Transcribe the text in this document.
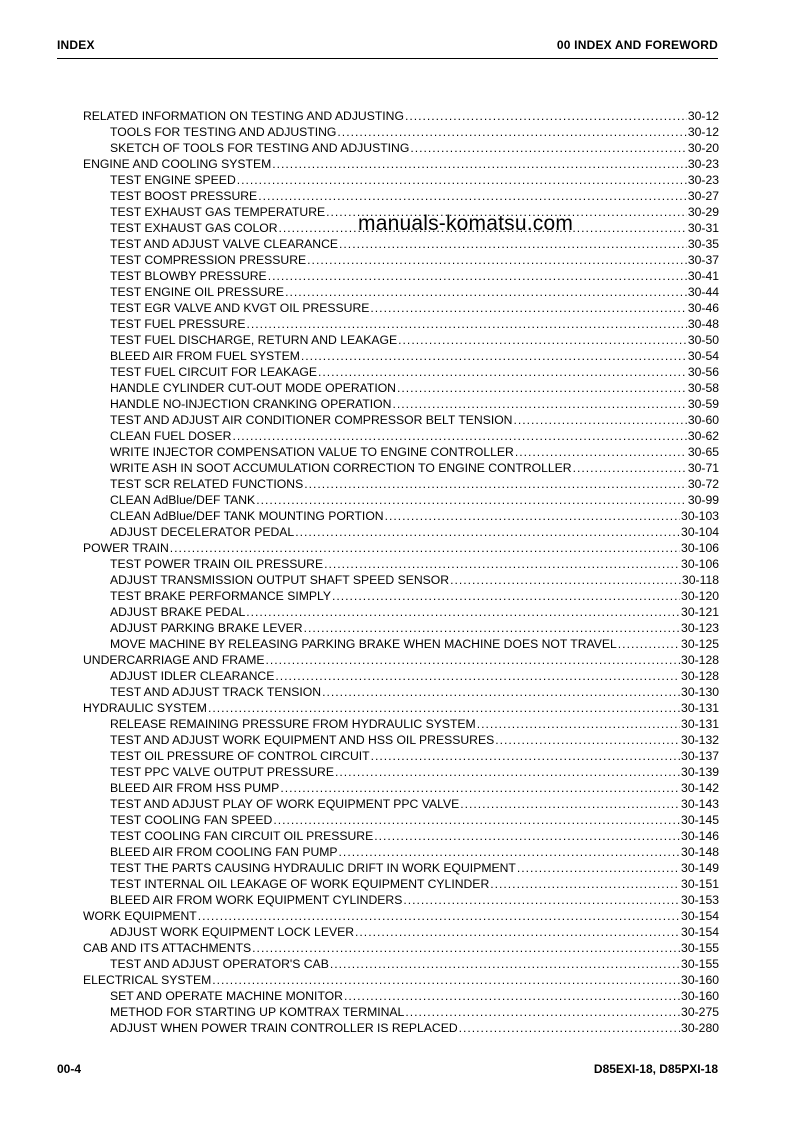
INDEX	00 INDEX AND FOREWORD
RELATED INFORMATION ON TESTING AND ADJUSTING .....	30-12
TOOLS FOR TESTING AND ADJUSTING .....	30-12
SKETCH OF TOOLS FOR TESTING AND ADJUSTING .....	30-20
ENGINE AND COOLING SYSTEM .....	30-23
TEST ENGINE SPEED .....	30-23
TEST BOOST PRESSURE .....	30-27
TEST EXHAUST GAS TEMPERATURE .....	30-29
TEST EXHAUST GAS COLOR .....	30-31
TEST AND ADJUST VALVE CLEARANCE .....	30-35
TEST COMPRESSION PRESSURE .....	30-37
TEST BLOWBY PRESSURE .....	30-41
TEST ENGINE OIL PRESSURE .....	30-44
TEST EGR VALVE AND KVGT OIL PRESSURE .....	30-46
TEST FUEL PRESSURE .....	30-48
TEST FUEL DISCHARGE, RETURN AND LEAKAGE .....	30-50
BLEED AIR FROM FUEL SYSTEM .....	30-54
TEST FUEL CIRCUIT FOR LEAKAGE .....	30-56
HANDLE CYLINDER CUT-OUT MODE OPERATION .....	30-58
HANDLE NO-INJECTION CRANKING OPERATION .....	30-59
TEST AND ADJUST AIR CONDITIONER COMPRESSOR BELT TENSION .....	30-60
CLEAN FUEL DOSER .....	30-62
WRITE INJECTOR COMPENSATION VALUE TO ENGINE CONTROLLER .....	30-65
WRITE ASH IN SOOT ACCUMULATION CORRECTION TO ENGINE CONTROLLER .....	30-71
TEST SCR RELATED FUNCTIONS .....	30-72
CLEAN AdBlue/DEF TANK .....	30-99
CLEAN AdBlue/DEF TANK MOUNTING PORTION .....	30-103
ADJUST DECELERATOR PEDAL .....	30-104
POWER TRAIN .....	30-106
TEST POWER TRAIN OIL PRESSURE .....	30-106
ADJUST TRANSMISSION OUTPUT SHAFT SPEED SENSOR .....	30-118
TEST BRAKE PERFORMANCE SIMPLY .....	30-120
ADJUST BRAKE PEDAL .....	30-121
ADJUST PARKING BRAKE LEVER .....	30-123
MOVE MACHINE BY RELEASING PARKING BRAKE WHEN MACHINE DOES NOT TRAVEL .....	30-125
UNDERCARRIAGE AND FRAME .....	30-128
ADJUST IDLER CLEARANCE .....	30-128
TEST AND ADJUST TRACK TENSION .....	30-130
HYDRAULIC SYSTEM .....	30-131
RELEASE REMAINING PRESSURE FROM HYDRAULIC SYSTEM .....	30-131
TEST AND ADJUST WORK EQUIPMENT AND HSS OIL PRESSURES .....	30-132
TEST OIL PRESSURE OF CONTROL CIRCUIT .....	30-137
TEST PPC VALVE OUTPUT PRESSURE .....	30-139
BLEED AIR FROM HSS PUMP .....	30-142
TEST AND ADJUST PLAY OF WORK EQUIPMENT PPC VALVE .....	30-143
TEST COOLING FAN SPEED .....	30-145
TEST COOLING FAN CIRCUIT OIL PRESSURE .....	30-146
BLEED AIR FROM COOLING FAN PUMP .....	30-148
TEST THE PARTS CAUSING HYDRAULIC DRIFT IN WORK EQUIPMENT .....	30-149
TEST INTERNAL OIL LEAKAGE OF WORK EQUIPMENT CYLINDER .....	30-151
BLEED AIR FROM WORK EQUIPMENT CYLINDERS .....	30-153
WORK EQUIPMENT .....	30-154
ADJUST WORK EQUIPMENT LOCK LEVER .....	30-154
CAB AND ITS ATTACHMENTS .....	30-155
TEST AND ADJUST OPERATOR'S CAB .....	30-155
ELECTRICAL SYSTEM .....	30-160
SET AND OPERATE MACHINE MONITOR .....	30-160
METHOD FOR STARTING UP KOMTRAX TERMINAL .....	30-275
ADJUST WHEN POWER TRAIN CONTROLLER IS REPLACED .....	30-280
manuals-komatsu.com
00-4	D85EXI-18, D85PXI-18
